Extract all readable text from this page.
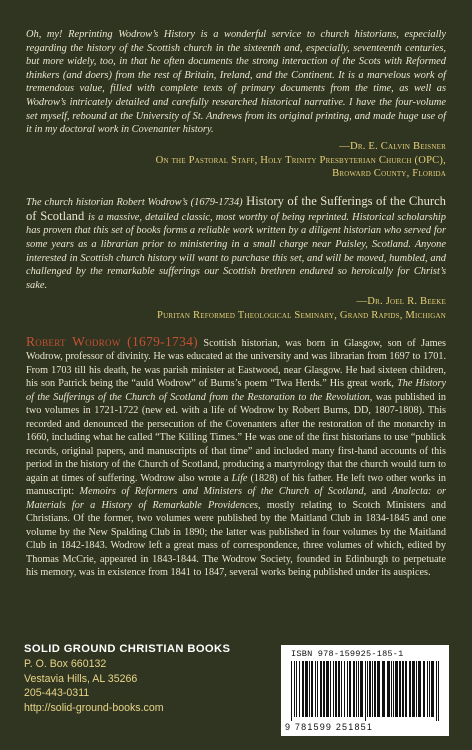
Oh, my! Reprinting Wodrow’s History is a wonderful service to church historians, especially regarding the history of the Scottish church in the sixteenth and, especially, seventeenth centuries, but more widely, too, in that he often documents the strong interaction of the Scots with Reformed thinkers (and doers) from the rest of Britain, Ireland, and the Continent. It is a marvelous work of tremendous value, filled with complete texts of primary documents from the time, as well as Wodrow’s intricately detailed and carefully researched historical narrative. I have the four-volume set myself, rebound at the University of St. Andrews from its original printing, and made huge use of it in my doctoral work in Covenanter history.

—Dr. E. Calvin Beisner

On the Pastoral Staff, Holy Trinity Presbyterian Church (OPC),

Broward County, Florida

The church historian Robert Wodrow’s (1679-1734) History of the Sufferings of the Church of Scotland is a massive, detailed classic, most worthy of being reprinted. Historical scholarship has proven that this set of books forms a reliable work written by a diligent historian who served for some years as a librarian prior to ministering in a small charge near Paisley, Scotland. Anyone interested in Scottish church history will want to purchase this set, and will be moved, humbled, and challenged by the remarkable sufferings our Scottish brethren endured so heroically for Christ’s sake.

—Dr. Joel R. Beeke

Puritan Reformed Theological Seminary, Grand Rapids, Michigan

Robert Wodrow (1679-1734) Scottish historian, was born in Glasgow, son of James Wodrow, professor of divinity. He was educated at the university and was librarian from 1697 to 1701. From 1703 till his death, he was parish minister at Eastwood, near Glasgow. He had sixteen children, his son Patrick being the “auld Wodrow” of Burns’s poem “Twa Herds.” His great work, The History of the Sufferings of the Church of Scotland from the Restoration to the Revolution, was published in two volumes in 1721-1722 (new ed. with a life of Wodrow by Robert Burns, DD, 1807-1808). This recorded and denounced the persecution of the Covenanters after the restoration of the monarchy in 1660, including what he called “The Killing Times.” He was one of the first historians to use “publick records, original papers, and manuscripts of that time” and included many first-hand accounts of this period in the history of the Church of Scotland, producing a martyrology that the church would turn to again at times of suffering. Wodrow also wrote a Life (1828) of his father. He left two other works in manuscript: Memoirs of Reformers and Ministers of the Church of Scotland, and Analecta: or Materials for a History of Remarkable Providences, mostly relating to Scotch Ministers and Christians. Of the former, two volumes were published by the Maitland Club in 1834-1845 and one volume by the New Spalding Club in 1890; the latter was published in four volumes by the Maitland Club in 1842-1843. Wodrow left a great mass of correspondence, three volumes of which, edited by Thomas McCrie, appeared in 1843-1844. The Wodrow Society, founded in Edinburgh to perpetuate his memory, was in existence from 1841 to 1847, several works being published under its auspices.

SOLID GROUND CHRISTIAN BOOKS
P. O. Box 660132
Vestavia Hills, AL 35266
205-443-0311
http://solid-ground-books.com
ISBN 978-159925-185-1
9 781599 251851
